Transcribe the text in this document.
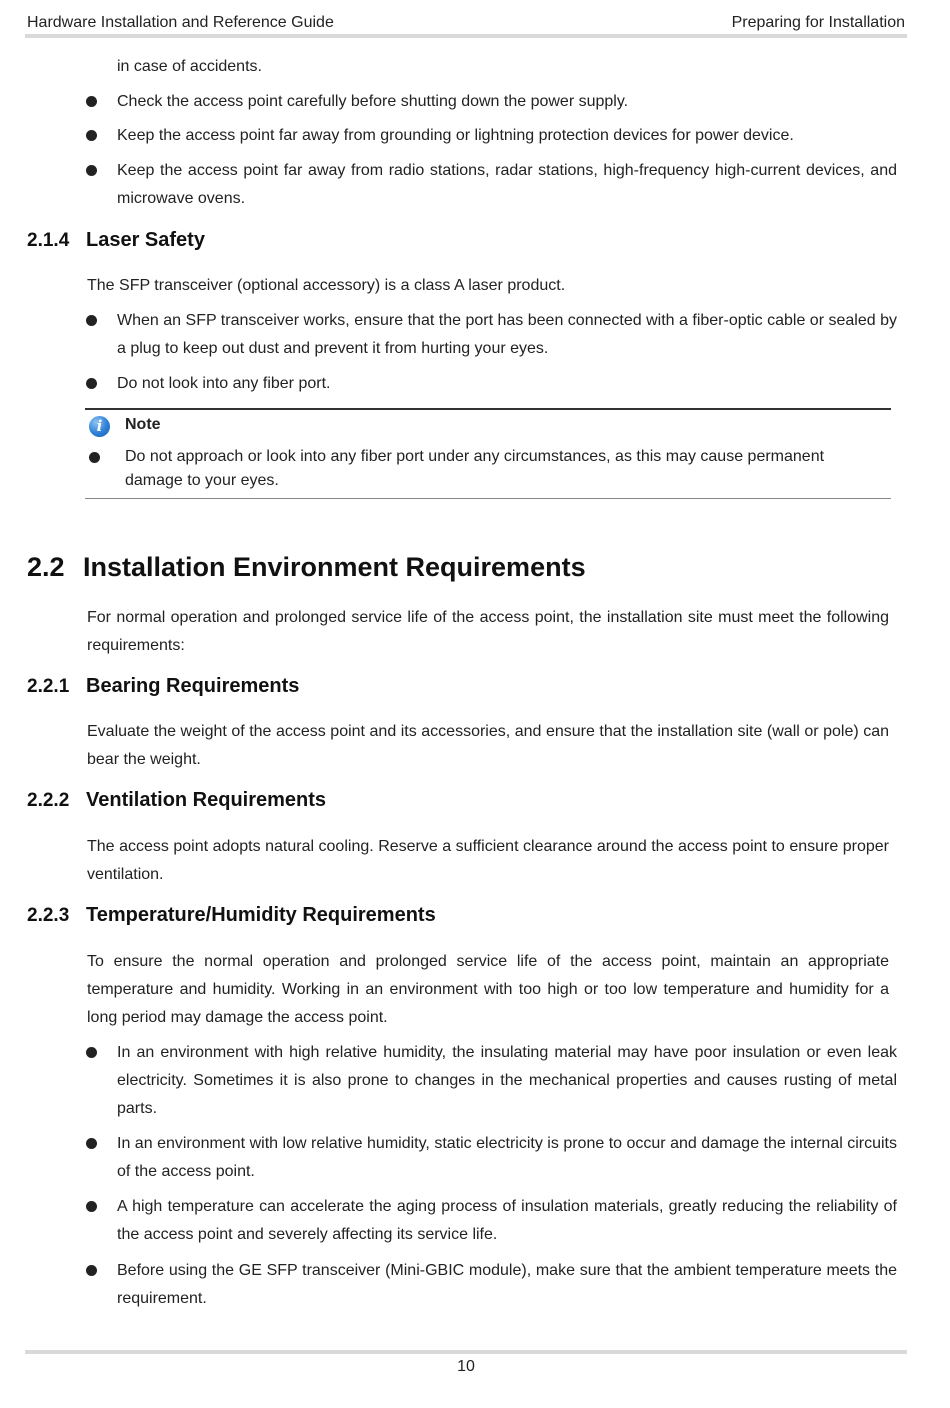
Hardware Installation and Reference Guide	Preparing for Installation
in case of accidents.
Check the access point carefully before shutting down the power supply.
Keep the access point far away from grounding or lightning protection devices for power device.
Keep the access point far away from radio stations, radar stations, high-frequency high-current devices, and microwave ovens.
2.1.4 Laser Safety
The SFP transceiver (optional accessory) is a class A laser product.
When an SFP transceiver works, ensure that the port has been connected with a fiber-optic cable or sealed by a plug to keep out dust and prevent it from hurting your eyes.
Do not look into any fiber port.
i	Note
Do not approach or look into any fiber port under any circumstances, as this may cause permanent damage to your eyes.
2.2 Installation Environment Requirements
For normal operation and prolonged service life of the access point, the installation site must meet the following requirements:
2.2.1 Bearing Requirements
Evaluate the weight of the access point and its accessories, and ensure that the installation site (wall or pole) can bear the weight.
2.2.2 Ventilation Requirements
The access point adopts natural cooling. Reserve a sufficient clearance around the access point to ensure proper ventilation.
2.2.3 Temperature/Humidity Requirements
To ensure the normal operation and prolonged service life of the access point, maintain an appropriate temperature and humidity. Working in an environment with too high or too low temperature and humidity for a long period may damage the access point.
In an environment with high relative humidity, the insulating material may have poor insulation or even leak electricity. Sometimes it is also prone to changes in the mechanical properties and causes rusting of metal parts.
In an environment with low relative humidity, static electricity is prone to occur and damage the internal circuits of the access point.
A high temperature can accelerate the aging process of insulation materials, greatly reducing the reliability of the access point and severely affecting its service life.
Before using the GE SFP transceiver (Mini-GBIC module), make sure that the ambient temperature meets the requirement.
10
